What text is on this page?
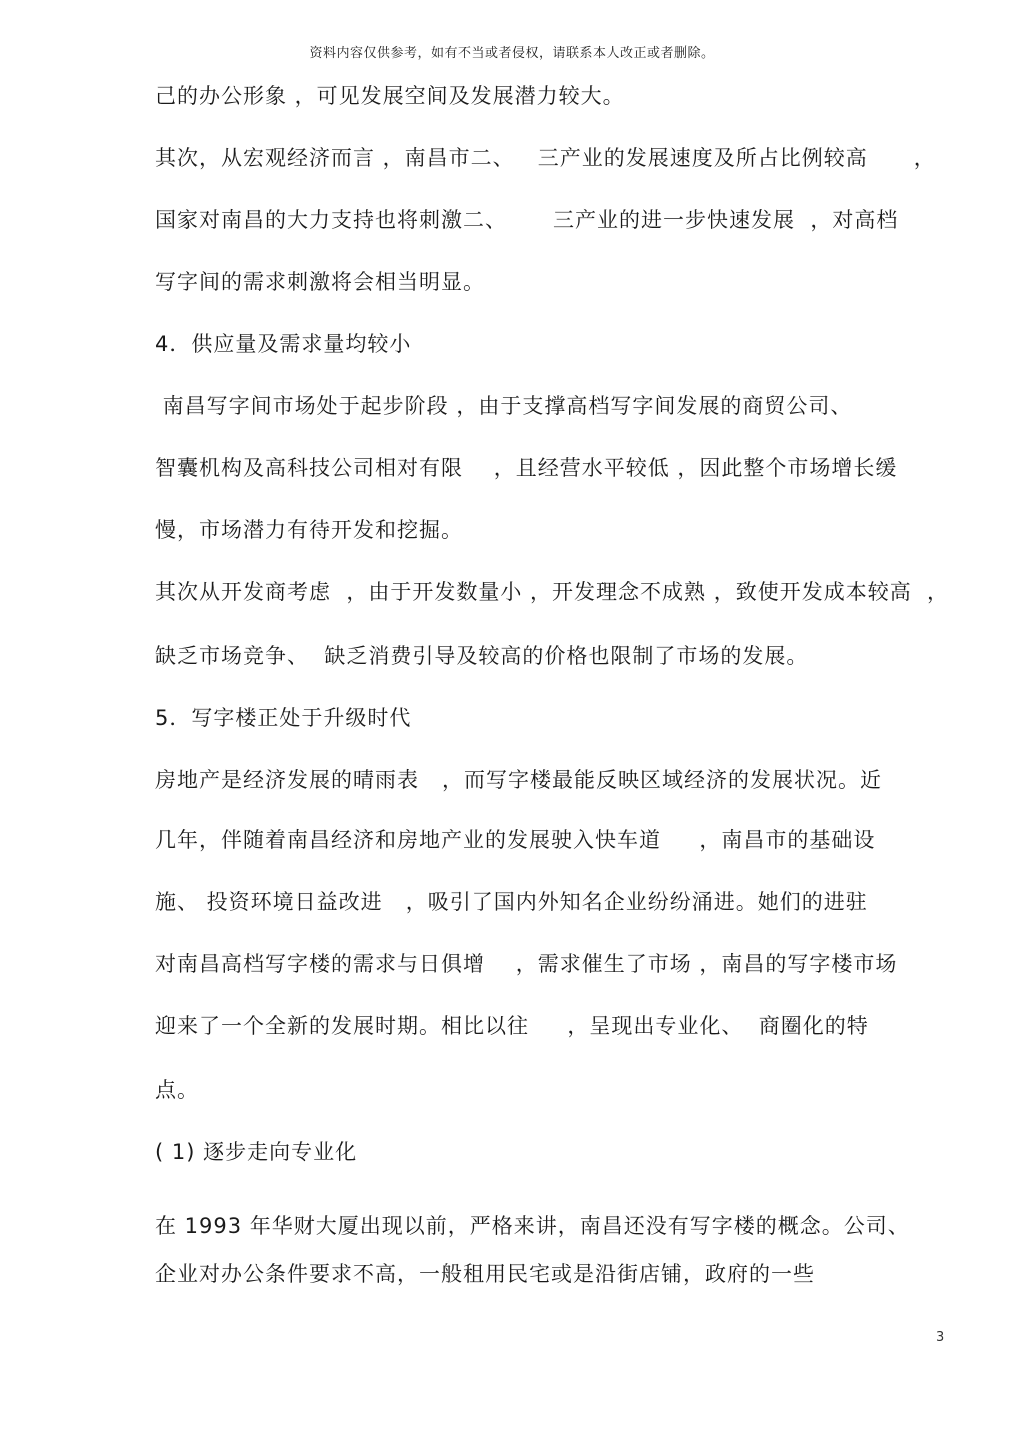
资料内容仅供参考，如有不当或者侵权，请联系本人改正或者删除。
己的办公形象 ，可见发展空间及发展潜力较大。
其次，从宏观经济而言 ，南昌市二、   三产业的发展速度及所占比例较高      ，
国家对南昌的大力支持也将刺激二、      三产业的进一步快速发展  ，对高档
写字间的需求刺激将会相当明显。
4．供应量及需求量均较小
南昌写字间市场处于起步阶段 ，由于支撑高档写字间发展的商贸公司、
智囊机构及高科技公司相对有限    ，且经营水平较低 ，因此整个市场增长缓
慢，市场潜力有待开发和挖掘。
其次从开发商考虑  ，由于开发数量小 ，开发理念不成熟 ，致使开发成本较高  ，
缺乏市场竞争、  缺乏消费引导及较高的价格也限制了市场的发展。
5．写字楼正处于升级时代
房地产是经济发展的晴雨表   ，而写字楼最能反映区域经济的发展状况。近
几年，伴随着南昌经济和房地产业的发展驶入快车道     ，南昌市的基础设
施、 投资环境日益改进   ，吸引了国内外知名企业纷纷涌进。她们的进驻
对南昌高档写字楼的需求与日俱增    ，需求催生了市场 ，南昌的写字楼市场
迎来了一个全新的发展时期。相比以往     ，呈现出专业化、  商圈化的特
点。
( 1) 逐步走向专业化
在 1993 年华财大厦出现以前，严格来讲，南昌还没有写字楼的概念。公司、
企业对办公条件要求不高，一般租用民宅或是沿街店铺，政府的一些
3
